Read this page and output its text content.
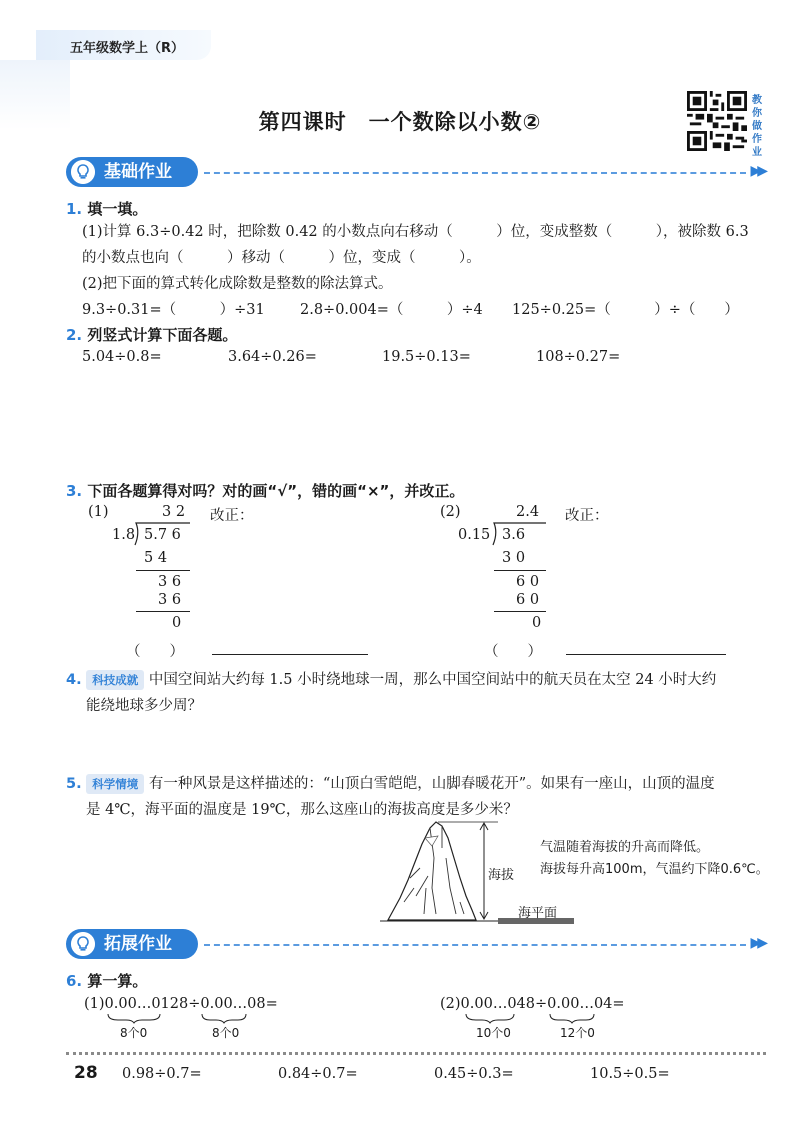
五年级数学上（R）
第四课时　一个数除以小数②
教
你
做
作
业
基础作业	▶▶
1. 填一填。
(1)计算 6.3÷0.42 时，把除数 0.42 的小数点向右移动（　　　）位，变成整数（　　　），被除数 6.3
的小数点也向（　　　）移动（　　　）位，变成（　　　）。
(2)把下面的算式转化成除数是整数的除法算式。
9.3÷0.31=（　　　）÷31 2.8÷0.004=（　　　）÷4 125÷0.25=（　　　）÷（　　）
2. 列竖式计算下面各题。
5.04÷0.8=	3.64÷0.26=	19.5÷0.13=	108÷0.27=
3. 下面各题算得对吗？对的画“√”，错的画“×”，并改正。
(1)	3 2 改正：
1.8 5.7 6
5 4
3 6
3 6
0
（　　）
(2)	2.4 改正：
0.15 3.6
3 0
6 0
6 0
0
（　　）
4. 科技成就 中国空间站大约每 1.5 小时绕地球一周，那么中国空间站中的航天员在太空 24 小时大约
能绕地球多少周？
5. 科学情境 有一种风景是这样描述的：“山顶白雪皑皑，山脚春暖花开”。如果有一座山，山顶的温度
是 4℃，海平面的温度是 19℃，那么这座山的海拔高度是多少米？
海拔
海平面
气温随着海拔的升高而降低。
海拔每升高100m，气温约下降0.6℃。
拓展作业	▶▶
6. 算一算。
(1)0.00…0128÷0.00…08=
8个0	8个0
(2)0.00…048÷0.00…04=
10个0	12个0
28 0.98÷0.7=	0.84÷0.7=	0.45÷0.3=	10.5÷0.5=
